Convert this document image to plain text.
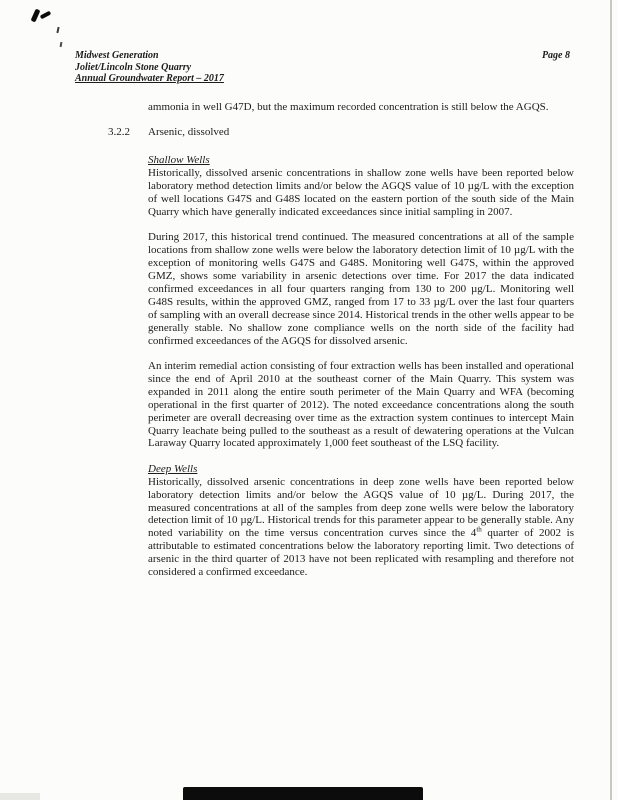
Midwest Generation
Joliet/Lincoln Stone Quarry
Annual Groundwater Report – 2017
Page 8

ammonia in well G47D, but the maximum recorded concentration is still below the AGQS.

3.2.2 Arsenic, dissolved
Shallow Wells

Historically, dissolved arsenic concentrations in shallow zone wells have been reported below laboratory method detection limits and/or below the AGQS value of 10 µg/L with the exception of well locations G47S and G48S located on the eastern portion of the south side of the Main Quarry which have generally indicated exceedances since initial sampling in 2007.

During 2017, this historical trend continued. The measured concentrations at all of the sample locations from shallow zone wells were below the laboratory detection limit of 10 µg/L with the exception of monitoring wells G47S and G48S. Monitoring well G47S, within the approved GMZ, shows some variability in arsenic detections over time. For 2017 the data indicated confirmed exceedances in all four quarters ranging from 130 to 200 µg/L. Monitoring well G48S results, within the approved GMZ, ranged from 17 to 33 µg/L over the last four quarters of sampling with an overall decrease since 2014. Historical trends in the other wells appear to be generally stable. No shallow zone compliance wells on the north side of the facility had confirmed exceedances of the AGQS for dissolved arsenic.

An interim remedial action consisting of four extraction wells has been installed and operational since the end of April 2010 at the southeast corner of the Main Quarry. This system was expanded in 2011 along the entire south perimeter of the Main Quarry and WFA (becoming operational in the first quarter of 2012). The noted exceedance concentrations along the south perimeter are overall decreasing over time as the extraction system continues to intercept Main Quarry leachate being pulled to the southeast as a result of dewatering operations at the Vulcan Laraway Quarry located approximately 1,000 feet southeast of the LSQ facility.

Deep Wells

Historically, dissolved arsenic concentrations in deep zone wells have been reported below laboratory detection limits and/or below the AGQS value of 10 µg/L. During 2017, the measured concentrations at all of the samples from deep zone wells were below the laboratory detection limit of 10 µg/L. Historical trends for this parameter appear to be generally stable. Any noted variability on the time versus concentration curves since the 4th quarter of 2002 is attributable to estimated concentrations below the laboratory reporting limit. Two detections of arsenic in the third quarter of 2013 have not been replicated with resampling and therefore not considered a confirmed exceedance.
